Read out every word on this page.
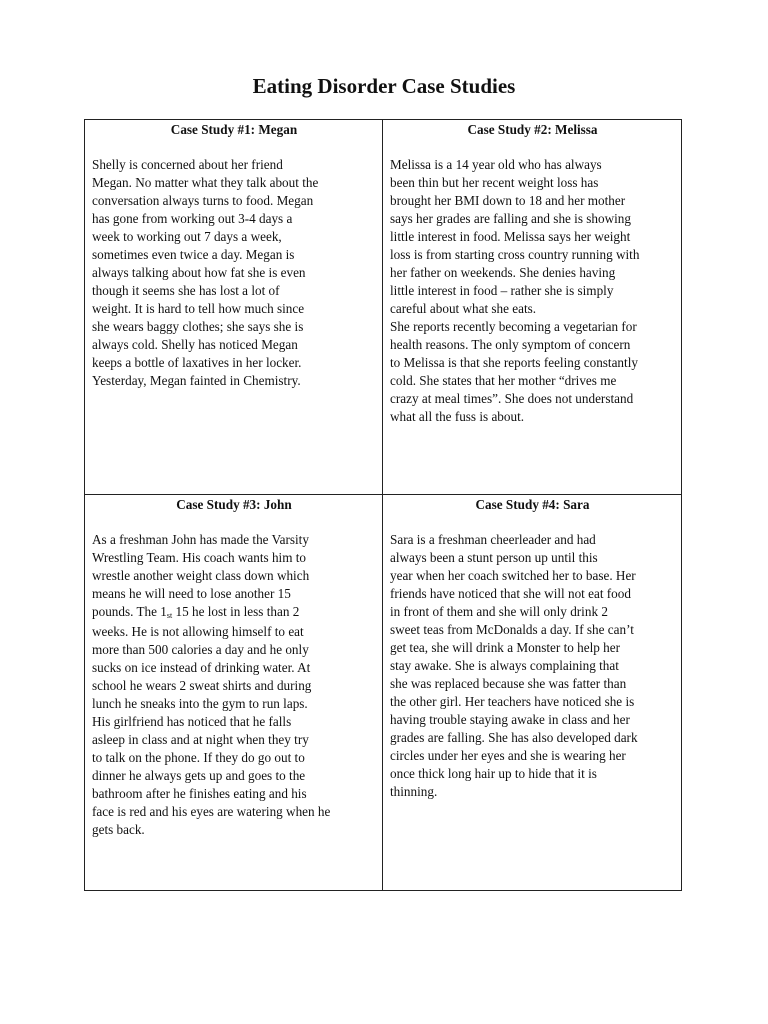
Eating Disorder Case Studies

Case Study #1: Megan

Shelly is concerned about her friend
Megan. No matter what they talk about the
conversation always turns to food. Megan
has gone from working out 3-4 days a
week to working out 7 days a week,
sometimes even twice a day. Megan is
always talking about how fat she is even
though it seems she has lost a lot of
weight. It is hard to tell how much since
she wears baggy clothes; she says she is
always cold. Shelly has noticed Megan
keeps a bottle of laxatives in her locker.
Yesterday, Megan fainted in Chemistry.

Case Study #2: Melissa

Melissa is a 14 year old who has always
been thin but her recent weight loss has
brought her BMI down to 18 and her mother
says her grades are falling and she is showing
little interest in food. Melissa says her weight
loss is from starting cross country running with
her father on weekends. She denies having
little interest in food – rather she is simply
careful about what she eats.
She reports recently becoming a vegetarian for
health reasons. The only symptom of concern
to Melissa is that she reports feeling constantly
cold. She states that her mother “drives me
crazy at meal times”. She does not understand
what all the fuss is about.

Case Study #3: John

As a freshman John has made the Varsity
Wrestling Team. His coach wants him to
wrestle another weight class down which
means he will need to lose another 15
pounds. The $1_{st}$ 15 he lost in less than 2
weeks. He is not allowing himself to eat
more than 500 calories a day and he only
sucks on ice instead of drinking water. At
school he wears 2 sweat shirts and during
lunch he sneaks into the gym to run laps.
His girlfriend has noticed that he falls
asleep in class and at night when they try
to talk on the phone. If they do go out to
dinner he always gets up and goes to the
bathroom after he finishes eating and his
face is red and his eyes are watering when he
gets back.

Case Study #4: Sara

Sara is a freshman cheerleader and had
always been a stunt person up until this
year when her coach switched her to base. Her
friends have noticed that she will not eat food
in front of them and she will only drink 2
sweet teas from McDonalds a day. If she can’t
get tea, she will drink a Monster to help her
stay awake. She is always complaining that
she was replaced because she was fatter than
the other girl. Her teachers have noticed she is
having trouble staying awake in class and her
grades are falling. She has also developed dark
circles under her eyes and she is wearing her
once thick long hair up to hide that it is
thinning.
